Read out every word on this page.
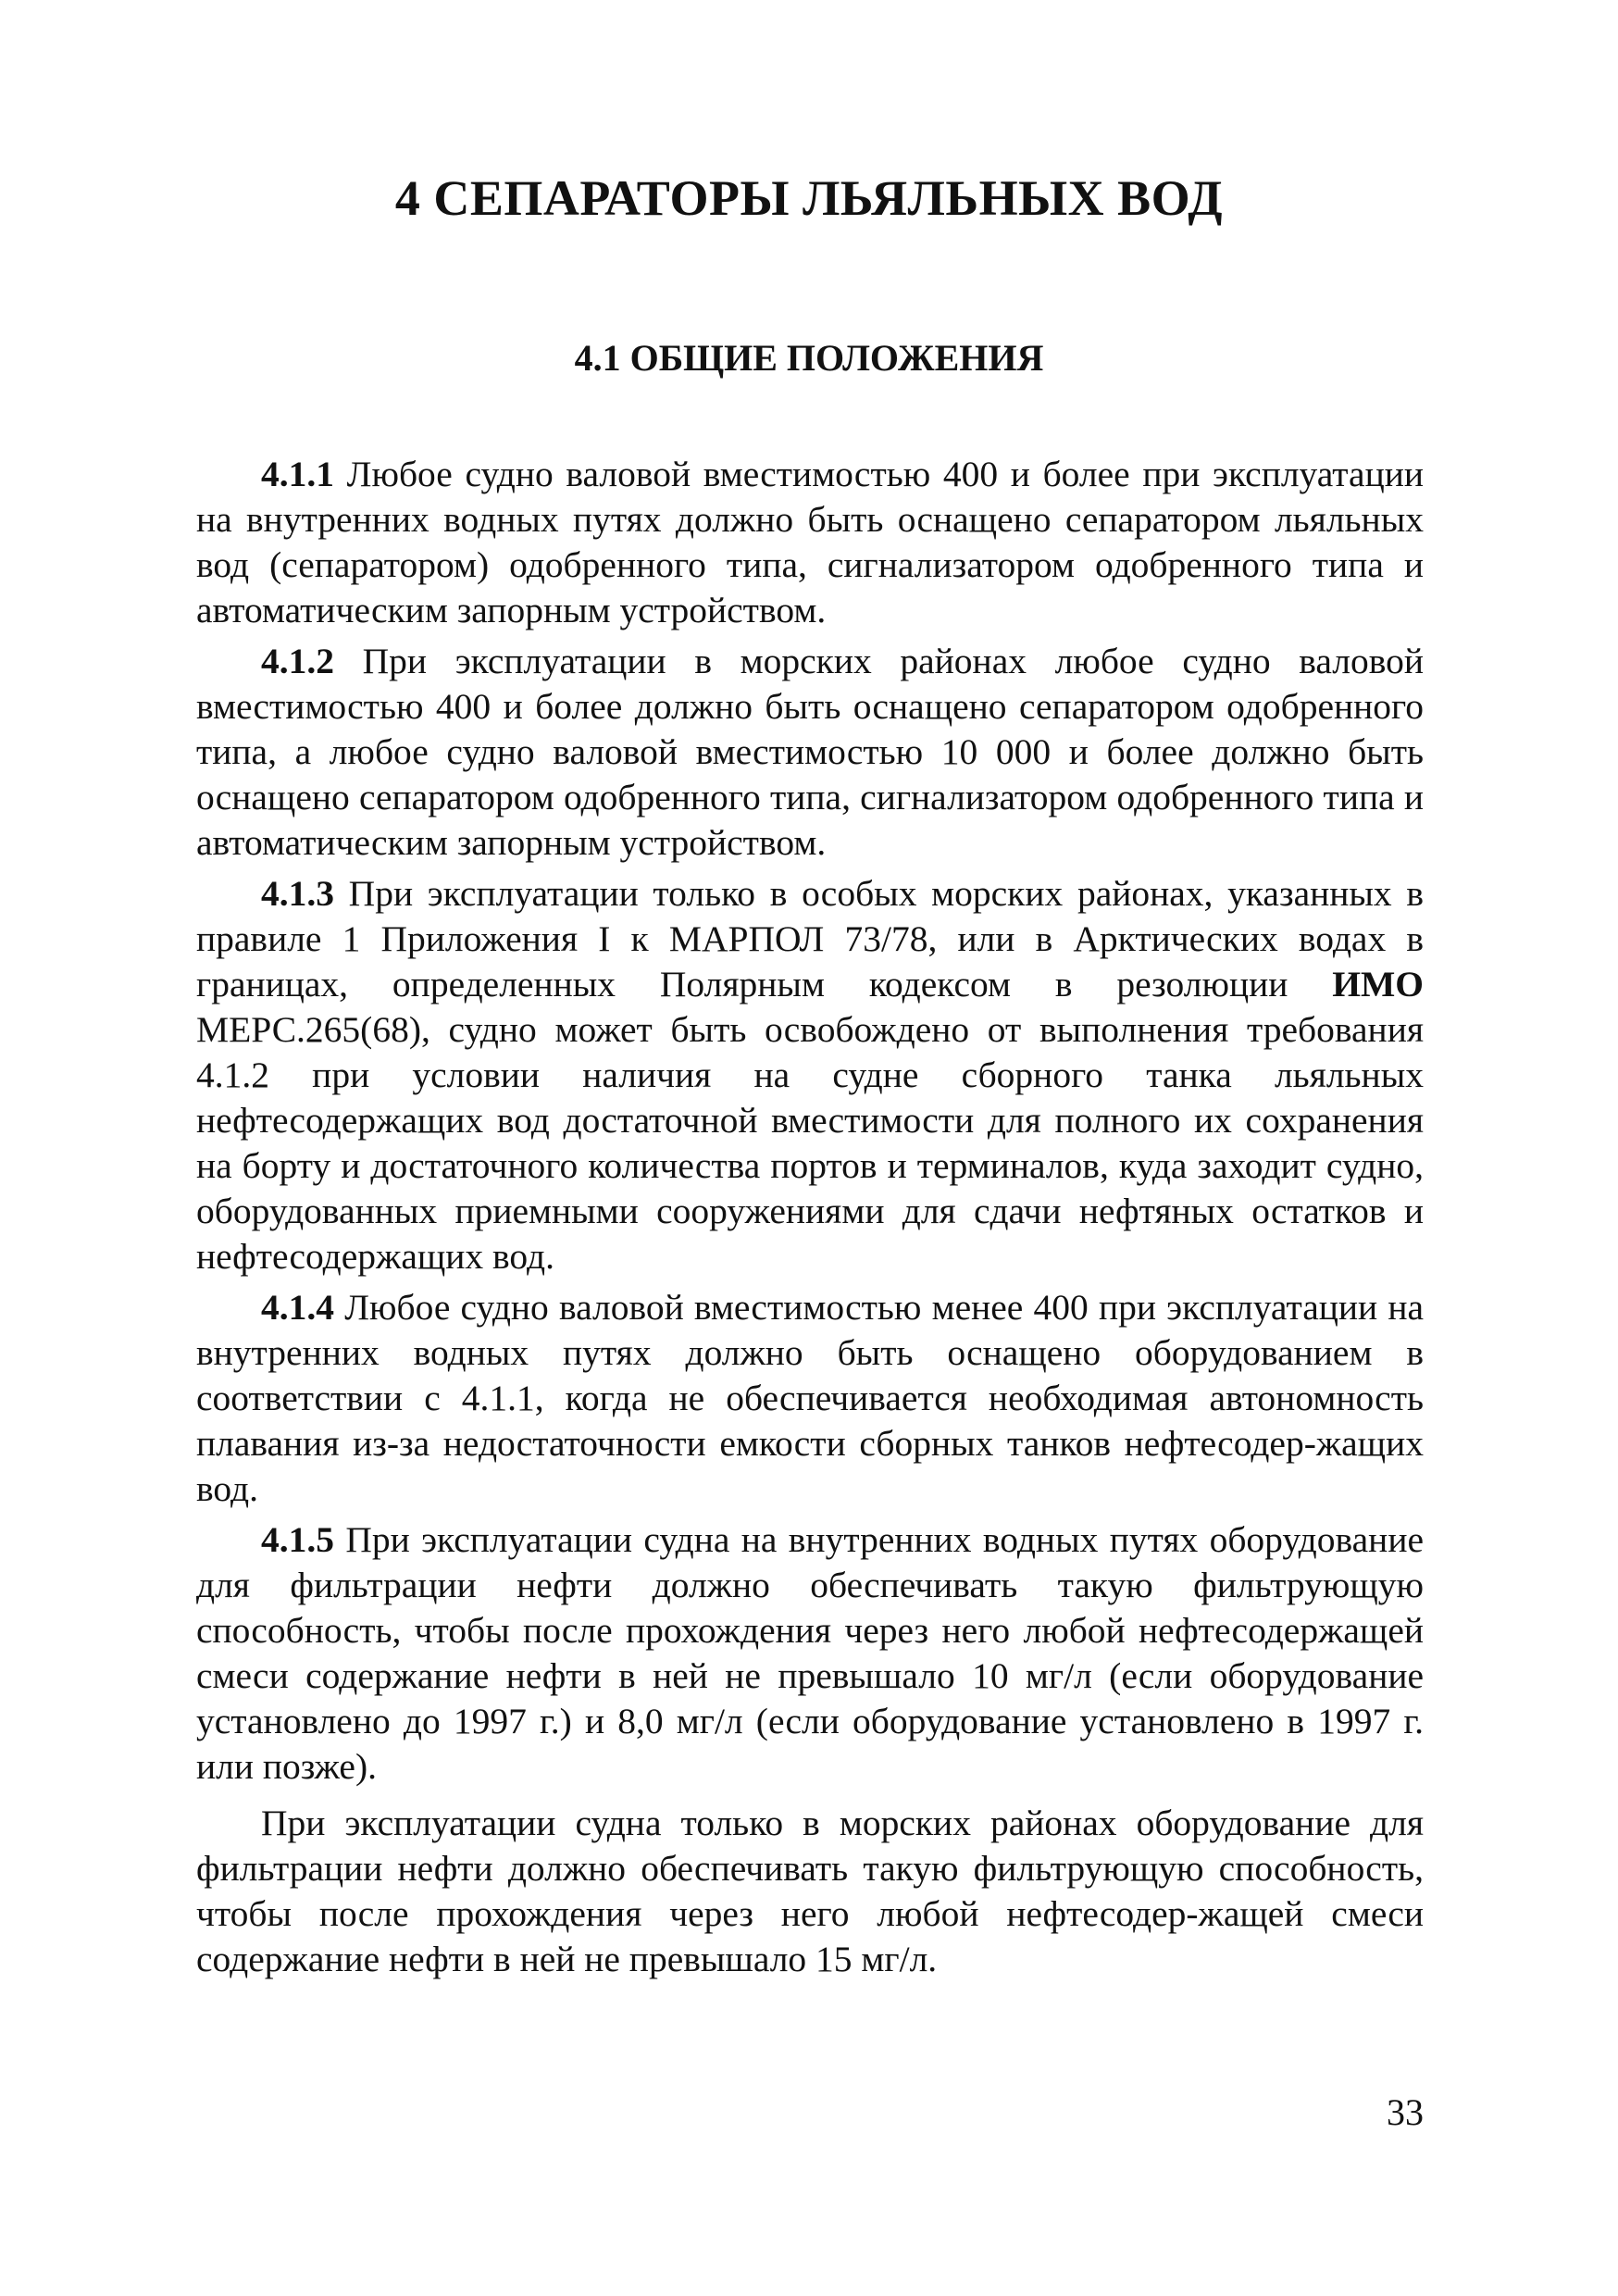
4 СЕПАРАТОРЫ ЛЬЯЛЬНЫХ ВОД
4.1 ОБЩИЕ ПОЛОЖЕНИЯ

4.1.1 Любое судно валовой вместимостью 400 и более при эксплуатации на внутренних водных путях должно быть оснащено сепаратором льяльных вод (сепаратором) одобренного типа, сигнализатором одобренного типа и автоматическим запорным устройством.

4.1.2 При эксплуатации в морских районах любое судно валовой вместимостью 400 и более должно быть оснащено сепаратором одобренного типа, а любое судно валовой вместимостью 10 000 и более должно быть оснащено сепаратором одобренного типа, сигнализатором одобренного типа и автоматическим запорным устройством.

4.1.3 При эксплуатации только в особых морских районах, указанных в правиле 1 Приложения I к МАРПОЛ 73/78, или в Арктических водах в границах, определенных Полярным кодексом в резолюции ИМО МЕРС.265(68), судно может быть освобождено от выполнения требования 4.1.2 при условии наличия на судне сборного танка льяльных нефтесодержащих вод достаточной вместимости для полного их сохранения на борту и достаточного количества портов и терминалов, куда заходит судно, оборудованных приемными сооружениями для сдачи нефтяных остатков и нефтесодержащих вод.

4.1.4 Любое судно валовой вместимостью менее 400 при эксплуатации на внутренних водных путях должно быть оснащено оборудованием в соответствии с 4.1.1, когда не обеспечивается необходимая автономность плавания из-за недостаточности емкости сборных танков нефтесодер-жащих вод.

4.1.5 При эксплуатации судна на внутренних водных путях оборудование для фильтрации нефти должно обеспечивать такую фильтрующую способность, чтобы после прохождения через него любой нефтесодержащей смеси содержание нефти в ней не превышало 10 мг/л (если оборудование установлено до 1997 г.) и 8,0 мг/л (если оборудование установлено в 1997 г. или позже).

При эксплуатации судна только в морских районах оборудование для фильтрации нефти должно обеспечивать такую фильтрующую способность, чтобы после прохождения через него любой нефтесодер-жащей смеси содержание нефти в ней не превышало 15 мг/л.

33
